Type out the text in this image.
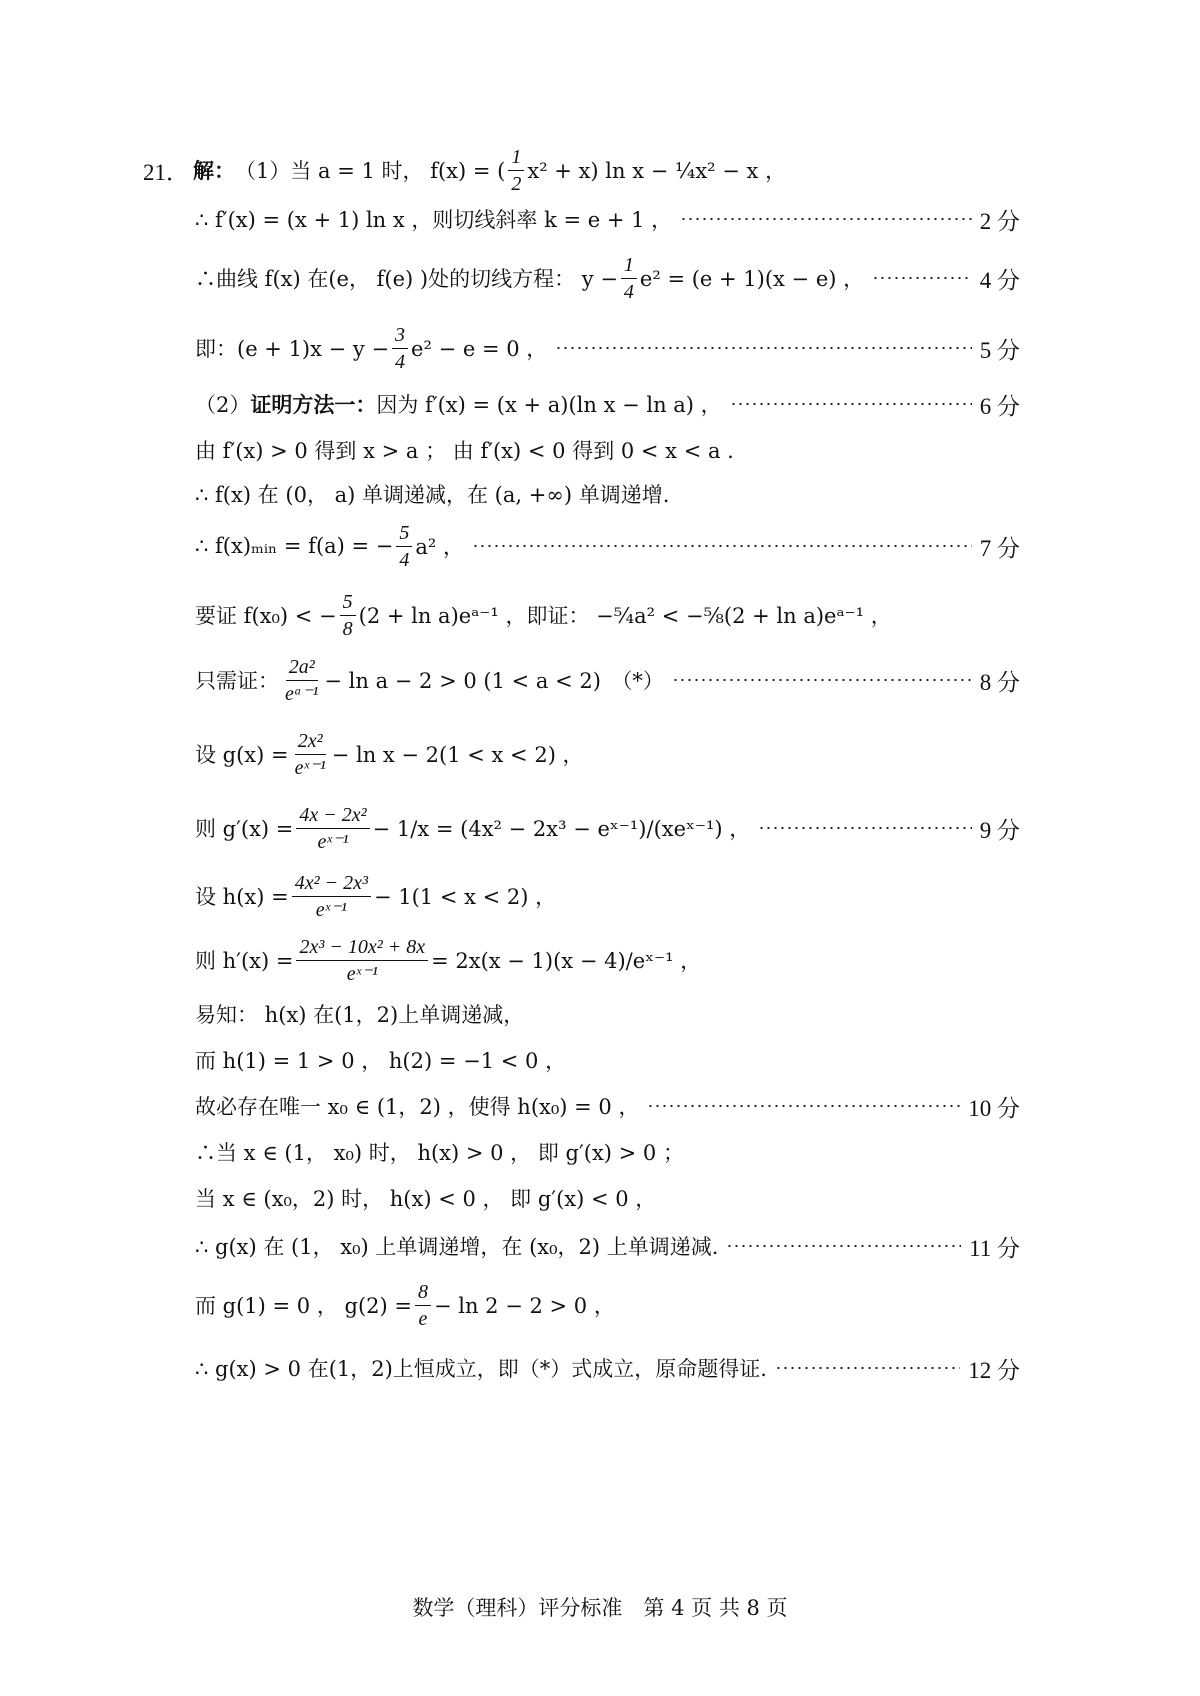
21． 解： （1）当 a = 1 时， f(x) = ( $\frac{1}{2} x^2 + x$) ln x − ¼x² − x ，
∴ f′(x) = (x + 1) ln x ，则切线斜率 k = e + 1 ，	2 分
∴曲线 f(x) 在(e， f(e) )处的切线方程： $y - \frac{1}{4} e^2 = (e + 1)(x - e)$ ，	4 分
即：$(e + 1)x - y - \frac{3}{4} e^2 - e = 0$ ，	5 分
（2） 证明方法一： 因为 f′(x) = (x + a)(ln x − ln a) ，	6 分
由 f′(x) > 0 得到 x > a ； 由 f′(x) < 0 得到 0 < x < a .
∴ f(x) 在 (0， a) 单调递减，在 (a, +∞) 单调递增.
∴ f(x)ₘᵢₙ = f(a) = − $\frac{5}{4} a^2$ ，	7 分
要证 f(x₀) < − $\frac{5}{8} (2 + \ln$ a)eᵃ⁻¹ ，即证： −⁵⁄₄a² < −⁵⁄₈(2 + ln a)eᵃ⁻¹ ，
只需证： $\frac{\text{2a²}}{\text{eᵃ⁻¹}} - \ln a - 2 > 0$ (1 < a < 2)　（*）	8 分
设 $g(x) = \frac{\text{2x²}}{\text{eˣ⁻¹}} - \ln x - 2(1 < x < 2)$ ，
则 $g'(x) = \frac{\text{4x − 2x²}}{\text{eˣ⁻¹}} - 1/x = (4x^2 - 2x^3$ − eˣ⁻¹)/(xeˣ⁻¹) ，	9 分
设 $h(x) = \frac{\text{4x² − 2x³}}{\text{eˣ⁻¹}} - 1(1 < x < 2)$ ，
则 $h'(x) = \frac{\text{2x³ − 10x² + 8x}}{\text{eˣ⁻¹}} = 2x(x - 1)(x$ − 4)/eˣ⁻¹ ，
易知： h(x) 在(1，2)上单调递减，
而 h(1) = 1 > 0 ， h(2) = −1 < 0 ，
故必存在唯一 x₀ ∈ (1，2) ，使得 h(x₀) = 0 ，	10 分
∴当 x ∈ (1， x₀) 时， h(x) > 0 ， 即 g′(x) > 0 ；
当 x ∈ (x₀，2) 时， h(x) < 0 ， 即 g′(x) < 0 ，
∴ g(x) 在 (1， x₀) 上单调递增，在 (x₀，2) 上单调递减.	11 分
而 g(1) = 0 ， $g(2) = \frac{8}{e} - \ln 2 - 2 > 0$ ，
∴ g(x) > 0 在(1，2)上恒成立，即（*）式成立，原命题得证.	12 分
数学（理科）评分标准　第 4 页 共 8 页
